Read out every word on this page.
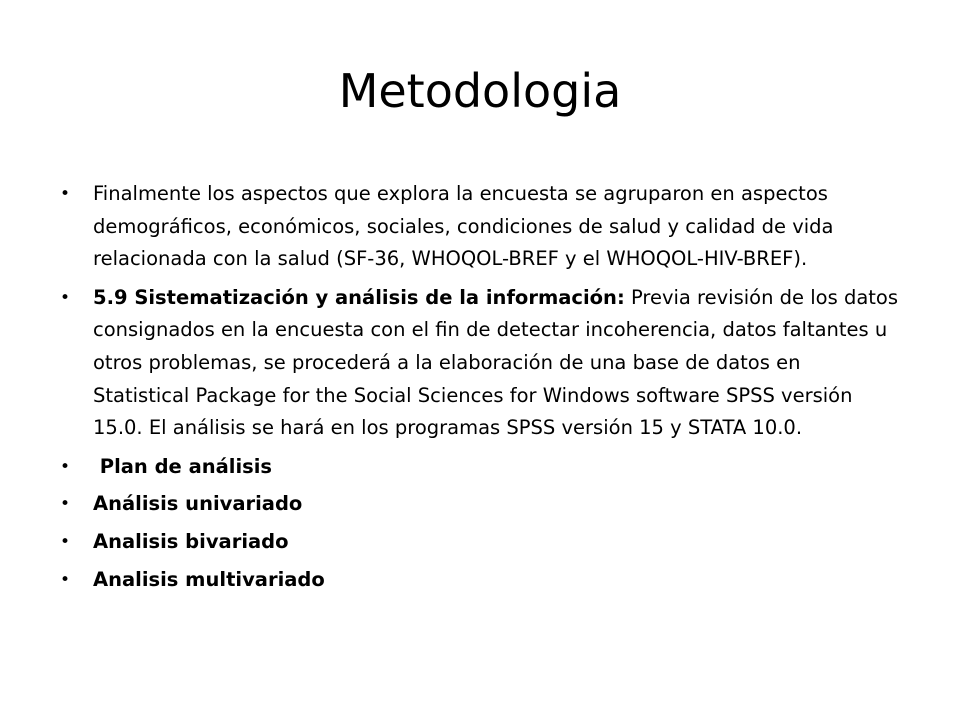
Metodologia
• Finalmente los aspectos que explora la encuesta se agruparon en aspectos demográficos, económicos, sociales, condiciones de salud y calidad de vida relacionada con la salud (SF-36, WHOQOL-BREF y el WHOQOL-HIV-BREF).
• 5.9 Sistematización y análisis de la información: Previa revisión de los datos consignados en la encuesta con el fin de detectar incoherencia, datos faltantes u otros problemas, se procederá a la elaboración de una base de datos en Statistical Package for the Social Sciences for Windows software SPSS versión 15.0. El análisis se hará en los programas SPSS versión 15 y STATA 10.0.
• Plan de análisis
• Análisis univariado
• Analisis bivariado
• Analisis multivariado
